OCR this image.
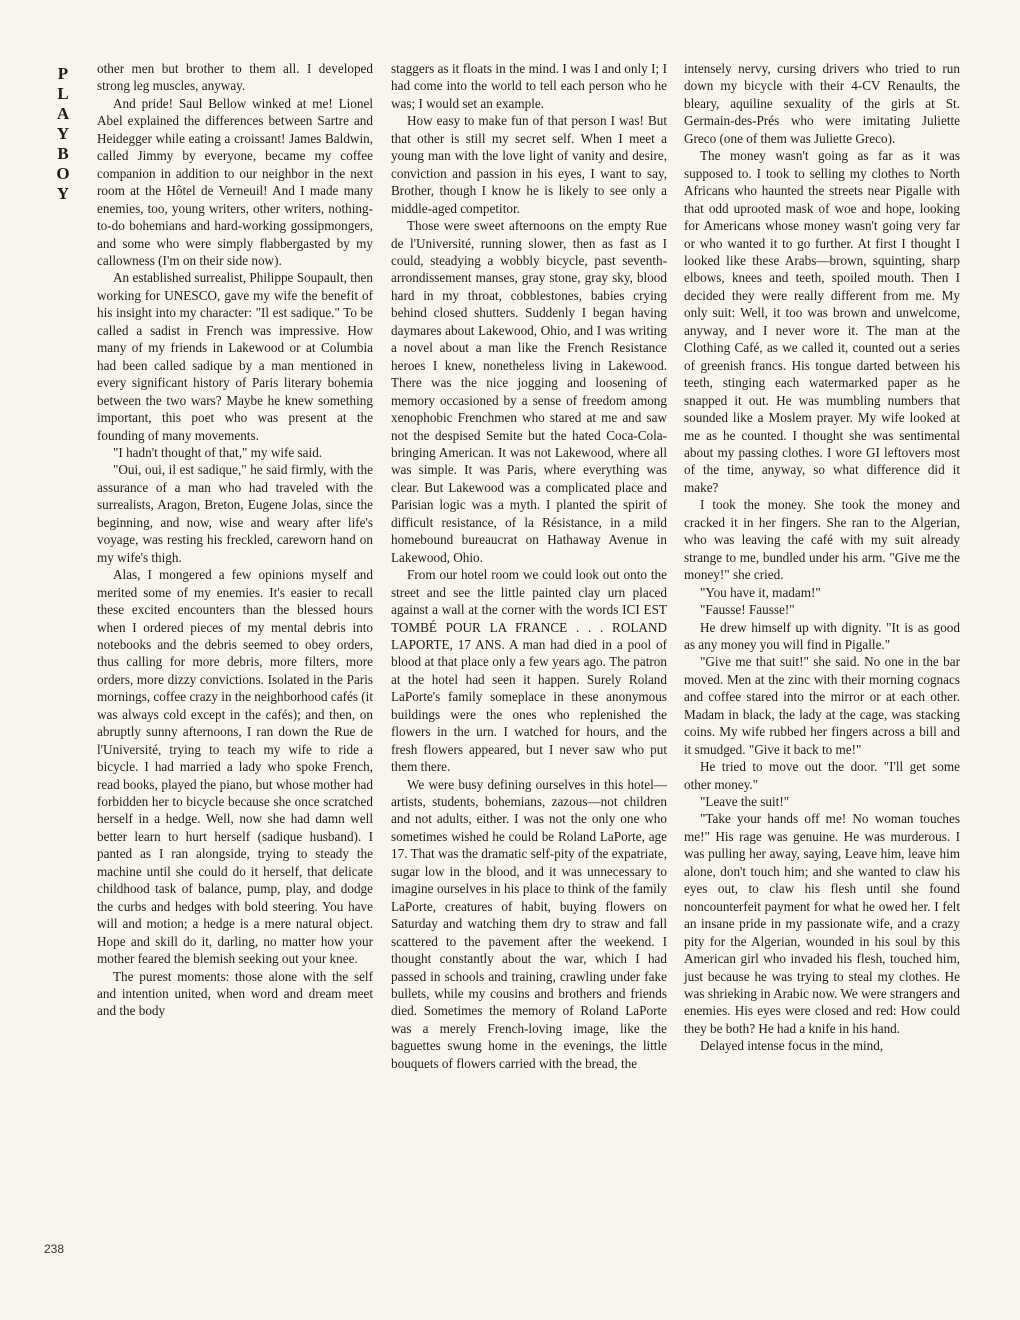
P
L
A
Y
B
O
Y

other men but brother to them all. I developed strong leg muscles, anyway.

And pride! Saul Bellow winked at me! Lionel Abel explained the differences between Sartre and Heidegger while eating a croissant! James Baldwin, called Jimmy by everyone, became my coffee companion in addition to our neighbor in the next room at the Hôtel de Verneuil! And I made many enemies, too, young writers, other writers, nothing-to-do bohemians and hard-working gossipmongers, and some who were simply flabbergasted by my callowness (I'm on their side now).

An established surrealist, Philippe Soupault, then working for UNESCO, gave my wife the benefit of his insight into my character: "Il est sadique." To be called a sadist in French was impressive. How many of my friends in Lakewood or at Columbia had been called sadique by a man mentioned in every significant history of Paris literary bohemia between the two wars? Maybe he knew something important, this poet who was present at the founding of many movements.

"I hadn't thought of that," my wife said.

"Oui, oui, il est sadique," he said firmly, with the assurance of a man who had traveled with the surrealists, Aragon, Breton, Eugene Jolas, since the beginning, and now, wise and weary after life's voyage, was resting his freckled, careworn hand on my wife's thigh.

Alas, I mongered a few opinions myself and merited some of my enemies. It's easier to recall these excited encounters than the blessed hours when I ordered pieces of my mental debris into notebooks and the debris seemed to obey orders, thus calling for more debris, more filters, more orders, more dizzy convictions. Isolated in the Paris mornings, coffee crazy in the neighborhood cafés (it was always cold except in the cafés); and then, on abruptly sunny afternoons, I ran down the Rue de l'Université, trying to teach my wife to ride a bicycle. I had married a lady who spoke French, read books, played the piano, but whose mother had forbidden her to bicycle because she once scratched herself in a hedge. Well, now she had damn well better learn to hurt herself (sadique husband). I panted as I ran alongside, trying to steady the machine until she could do it herself, that delicate childhood task of balance, pump, play, and dodge the curbs and hedges with bold steering. You have will and motion; a hedge is a mere natural object. Hope and skill do it, darling, no matter how your mother feared the blemish seeking out your knee.

The purest moments: those alone with the self and intention united, when word and dream meet and the body

staggers as it floats in the mind. I was I and only I; I had come into the world to tell each person who he was; I would set an example.

How easy to make fun of that person I was! But that other is still my secret self. When I meet a young man with the love light of vanity and desire, conviction and passion in his eyes, I want to say, Brother, though I know he is likely to see only a middle-aged competitor.

Those were sweet afternoons on the empty Rue de l'Université, running slower, then as fast as I could, steadying a wobbly bicycle, past seventh-arrondissement manses, gray stone, gray sky, blood hard in my throat, cobblestones, babies crying behind closed shutters. Suddenly I began having daymares about Lakewood, Ohio, and I was writing a novel about a man like the French Resistance heroes I knew, nonetheless living in Lakewood. There was the nice jogging and loosening of memory occasioned by a sense of freedom among xenophobic Frenchmen who stared at me and saw not the despised Semite but the hated Coca-Cola-bringing American. It was not Lakewood, where all was simple. It was Paris, where everything was clear. But Lakewood was a complicated place and Parisian logic was a myth. I planted the spirit of difficult resistance, of la Résistance, in a mild homebound bureaucrat on Hathaway Avenue in Lakewood, Ohio.

From our hotel room we could look out onto the street and see the little painted clay urn placed against a wall at the corner with the words ICI EST TOMBÉ POUR LA FRANCE . . . ROLAND LAPORTE, 17 ANS. A man had died in a pool of blood at that place only a few years ago. The patron at the hotel had seen it happen. Surely Roland LaPorte's family someplace in these anonymous buildings were the ones who replenished the flowers in the urn. I watched for hours, and the fresh flowers appeared, but I never saw who put them there.

We were busy defining ourselves in this hotel—artists, students, bohemians, zazous—not children and not adults, either. I was not the only one who sometimes wished he could be Roland LaPorte, age 17. That was the dramatic self-pity of the expatriate, sugar low in the blood, and it was unnecessary to imagine ourselves in his place to think of the family LaPorte, creatures of habit, buying flowers on Saturday and watching them dry to straw and fall scattered to the pavement after the weekend. I thought constantly about the war, which I had passed in schools and training, crawling under fake bullets, while my cousins and brothers and friends died. Sometimes the memory of Roland LaPorte was a merely French-loving image, like the baguettes swung home in the evenings, the little bouquets of flowers carried with the bread, the

intensely nervy, cursing drivers who tried to run down my bicycle with their 4-CV Renaults, the bleary, aquiline sexuality of the girls at St. Germain-des-Prés who were imitating Juliette Greco (one of them was Juliette Greco).

The money wasn't going as far as it was supposed to. I took to selling my clothes to North Africans who haunted the streets near Pigalle with that odd uprooted mask of woe and hope, looking for Americans whose money wasn't going very far or who wanted it to go further. At first I thought I looked like these Arabs—brown, squinting, sharp elbows, knees and teeth, spoiled mouth. Then I decided they were really different from me. My only suit: Well, it too was brown and unwelcome, anyway, and I never wore it. The man at the Clothing Café, as we called it, counted out a series of greenish francs. His tongue darted between his teeth, stinging each watermarked paper as he snapped it out. He was mumbling numbers that sounded like a Moslem prayer. My wife looked at me as he counted. I thought she was sentimental about my passing clothes. I wore GI leftovers most of the time, anyway, so what difference did it make?

I took the money. She took the money and cracked it in her fingers. She ran to the Algerian, who was leaving the café with my suit already strange to me, bundled under his arm. "Give me the money!" she cried.

"You have it, madam!"

"Fausse! Fausse!"

He drew himself up with dignity. "It is as good as any money you will find in Pigalle."

"Give me that suit!" she said. No one in the bar moved. Men at the zinc with their morning cognacs and coffee stared into the mirror or at each other. Madam in black, the lady at the cage, was stacking coins. My wife rubbed her fingers across a bill and it smudged. "Give it back to me!"

He tried to move out the door. "I'll get some other money."

"Leave the suit!"

"Take your hands off me! No woman touches me!" His rage was genuine. He was murderous. I was pulling her away, saying, Leave him, leave him alone, don't touch him; and she wanted to claw his eyes out, to claw his flesh until she found noncounterfeit payment for what he owed her. I felt an insane pride in my passionate wife, and a crazy pity for the Algerian, wounded in his soul by this American girl who invaded his flesh, touched him, just because he was trying to steal my clothes. He was shrieking in Arabic now. We were strangers and enemies. His eyes were closed and red: How could they be both? He had a knife in his hand.

Delayed intense focus in the mind,

238
